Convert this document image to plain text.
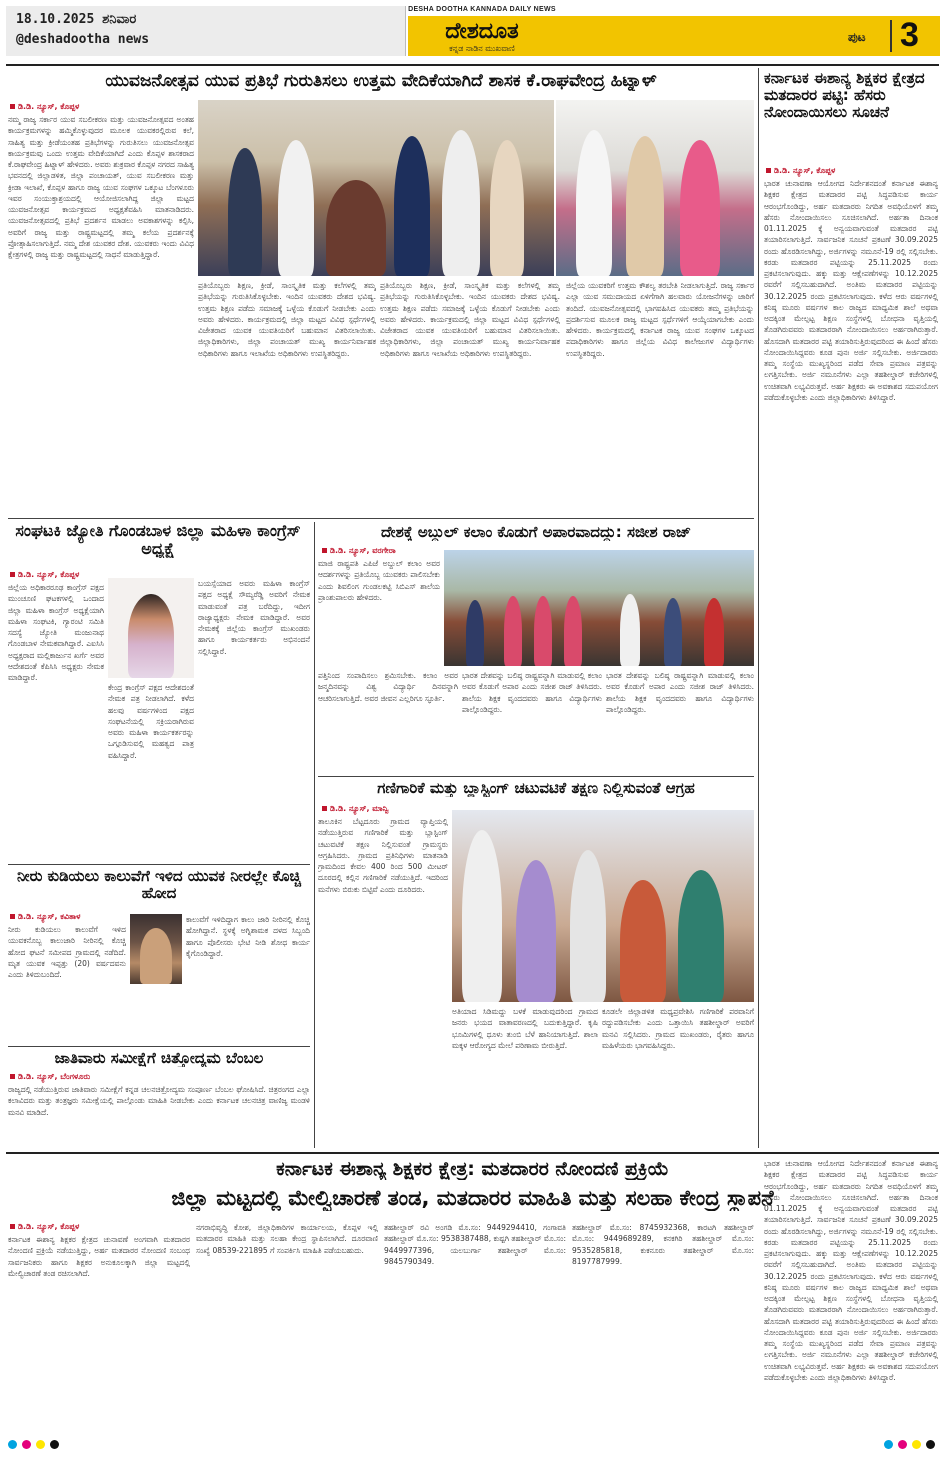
18.10.2025 ಶನಿವಾರ
@deshadootha news
DESHA DOOTHA KANNADA DAILY NEWS
ದೇಶದೂತ
ಕನ್ನಡ ನಾಡಿನ ಮುಖವಾಣಿ
ಪುಟ 3
ಕರ್ನಾಟಕ ಈಶಾನ್ಯ ಶಿಕ್ಷಕರ ಕ್ಷೇತ್ರದ ಮತದಾರರ ಪಟ್ಟಿ: ಹೆಸರು ನೋಂದಾಯಿಸಲು ಸೂಚನೆ
ಡಿ.ಡಿ. ನ್ಯೂಸ್, ಕೊಪ್ಪಳ

ಭಾರತ ಚುನಾವಣಾ ಆಯೋಗದ ನಿರ್ದೇಶನದಂತೆ ಕರ್ನಾಟಕ ಈಶಾನ್ಯ ಶಿಕ್ಷಕರ ಕ್ಷೇತ್ರದ ಮತದಾರರ ಪಟ್ಟಿ ಸಿದ್ಧಪಡಿಸುವ ಕಾರ್ಯ ಆರಂಭಗೊಂಡಿದ್ದು, ಅರ್ಹ ಮತದಾರರು ನಿಗದಿತ ಅವಧಿಯೊಳಗೆ ತಮ್ಮ ಹೆಸರು ನೋಂದಾಯಿಸಲು ಸೂಚಿಸಲಾಗಿದೆ. ಅರ್ಹತಾ ದಿನಾಂಕ 01.11.2025 ಕ್ಕೆ ಅನ್ವಯವಾಗುವಂತೆ ಮತದಾರರ ಪಟ್ಟಿ ತಯಾರಿಸಲಾಗುತ್ತಿದೆ. ಸಾರ್ವಜನಿಕ ಸೂಚನೆ ಪ್ರಕಟಣೆ 30.09.2025 ರಂದು ಹೊರಡಿಸಲಾಗಿದ್ದು, ಅರ್ಜಿಗಳನ್ನು ನಮೂನೆ-19 ರಲ್ಲಿ ಸಲ್ಲಿಸಬೇಕು. ಕರಡು ಮತದಾರರ ಪಟ್ಟಿಯನ್ನು 25.11.2025 ರಂದು ಪ್ರಕಟಿಸಲಾಗುವುದು. ಹಕ್ಕು ಮತ್ತು ಆಕ್ಷೇಪಣೆಗಳನ್ನು 10.12.2025 ರವರೆಗೆ ಸಲ್ಲಿಸಬಹುದಾಗಿದೆ. ಅಂತಿಮ ಮತದಾರರ ಪಟ್ಟಿಯನ್ನು 30.12.2025 ರಂದು ಪ್ರಕಟಿಸಲಾಗುವುದು. ಕಳೆದ ಆರು ವರ್ಷಗಳಲ್ಲಿ ಕನಿಷ್ಠ ಮೂರು ವರ್ಷಗಳ ಕಾಲ ರಾಜ್ಯದ ಮಾಧ್ಯಮಿಕ ಶಾಲೆ ಅಥವಾ ಅದಕ್ಕಿಂತ ಮೇಲ್ಪಟ್ಟ ಶಿಕ್ಷಣ ಸಂಸ್ಥೆಗಳಲ್ಲಿ ಬೋಧನಾ ವೃತ್ತಿಯಲ್ಲಿ ತೊಡಗಿರುವವರು ಮತದಾರರಾಗಿ ನೋಂದಾಯಿಸಲು ಅರ್ಹರಾಗಿರುತ್ತಾರೆ. ಹೊಸದಾಗಿ ಮತದಾರರ ಪಟ್ಟಿ ತಯಾರಿಸುತ್ತಿರುವುದರಿಂದ ಈ ಹಿಂದೆ ಹೆಸರು ನೋಂದಾಯಿಸಿದ್ದವರು ಕೂಡ ಪುನಃ ಅರ್ಜಿ ಸಲ್ಲಿಸಬೇಕು. ಅರ್ಜಿದಾರರು ತಮ್ಮ ಸಂಸ್ಥೆಯ ಮುಖ್ಯಸ್ಥರಿಂದ ಪಡೆದ ಸೇವಾ ಪ್ರಮಾಣ ಪತ್ರವನ್ನು ಲಗತ್ತಿಸಬೇಕು. ಅರ್ಜಿ ನಮೂನೆಗಳು ಎಲ್ಲಾ ತಹಶೀಲ್ದಾರ್ ಕಚೇರಿಗಳಲ್ಲಿ ಉಚಿತವಾಗಿ ಲಭ್ಯವಿರುತ್ತವೆ. ಅರ್ಹ ಶಿಕ್ಷಕರು ಈ ಅವಕಾಶದ ಸದುಪಯೋಗ ಪಡೆದುಕೊಳ್ಳಬೇಕು ಎಂದು ಜಿಲ್ಲಾಧಿಕಾರಿಗಳು ತಿಳಿಸಿದ್ದಾರೆ.

ಯುವಜನೋತ್ಸವ ಯುವ ಪ್ರತಿಭೆ ಗುರುತಿಸಲು ಉತ್ತಮ ವೇದಿಕೆಯಾಗಿದೆ ಶಾಸಕ ಕೆ.ರಾಘವೇಂದ್ರ ಹಿಟ್ನಾಳ್
ಡಿ.ಡಿ. ನ್ಯೂಸ್, ಕೊಪ್ಪಳ

ನಮ್ಮ ರಾಜ್ಯ ಸರ್ಕಾರ ಯುವ ಸಬಲೀಕರಣ ಮತ್ತು ಯುವಜನೋತ್ಸವದ ಅಂತಹ ಕಾರ್ಯಕ್ರಮಗಳನ್ನು ಹಮ್ಮಿಕೊಳ್ಳುವುದರ ಮೂಲಕ ಯುವಕರಲ್ಲಿರುವ ಕಲೆ, ಸಾಹಿತ್ಯ ಮತ್ತು ಕ್ರೀಡೆಯಂತಹ ಪ್ರತಿಭೆಗಳನ್ನು ಗುರುತಿಸಲು ಯುವಜನೋತ್ಸವ ಕಾರ್ಯಕ್ರಮವು ಒಂದು ಉತ್ತಮ ವೇದಿಕೆಯಾಗಿದೆ ಎಂದು ಕೊಪ್ಪಳ ಶಾಸಕರಾದ ಕೆ.ರಾಘವೇಂದ್ರ ಹಿಟ್ನಾಳ್ ಹೇಳಿದರು. ಅವರು ಶುಕ್ರವಾರ ಕೊಪ್ಪಳ ನಗರದ ಸಾಹಿತ್ಯ ಭವನದಲ್ಲಿ ಜಿಲ್ಲಾಡಳಿತ, ಜಿಲ್ಲಾ ಪಂಚಾಯತ್, ಯುವ ಸಬಲೀಕರಣ ಮತ್ತು ಕ್ರೀಡಾ ಇಲಾಖೆ, ಕೊಪ್ಪಳ ಹಾಗೂ ರಾಜ್ಯ ಯುವ ಸಂಘಗಳ ಒಕ್ಕೂಟ ಬೆಂಗಳೂರು ಇವರ ಸಂಯುಕ್ತಾಶ್ರಯದಲ್ಲಿ ಆಯೋಜಿಸಲಾಗಿದ್ದ ಜಿಲ್ಲಾ ಮಟ್ಟದ ಯುವಜನೋತ್ಸವ ಕಾರ್ಯಕ್ರಮದ ಅಧ್ಯಕ್ಷತೆವಹಿಸಿ ಮಾತನಾಡಿದರು. ಯುವಜನೋತ್ಸವದಲ್ಲಿ ಪ್ರತಿಭೆ ಪ್ರದರ್ಶನ ಮಾಡಲು ಅವಕಾಶಗಳನ್ನು ಕಲ್ಪಿಸಿ, ಅವರಿಗೆ ರಾಜ್ಯ ಮತ್ತು ರಾಷ್ಟ್ರಮಟ್ಟದಲ್ಲಿ ತಮ್ಮ ಕಲೆಯ ಪ್ರದರ್ಶನಕ್ಕೆ ಪ್ರೋತ್ಸಾಹಿಸಲಾಗುತ್ತಿದೆ. ನಮ್ಮ ದೇಶ ಯುವಕರ ದೇಶ. ಯುವಕರು ಇಂದು ವಿವಿಧ ಕ್ಷೇತ್ರಗಳಲ್ಲಿ ರಾಜ್ಯ ಮತ್ತು ರಾಷ್ಟ್ರಮಟ್ಟದಲ್ಲಿ ಸಾಧನೆ ಮಾಡುತ್ತಿದ್ದಾರೆ.

ಪ್ರತಿಯೊಬ್ಬರು ಶಿಕ್ಷಣ, ಕ್ರೀಡೆ, ಸಾಂಸ್ಕೃತಿಕ ಮತ್ತು ಕಲೆಗಳಲ್ಲಿ ತಮ್ಮ ಪ್ರತಿಭೆಯನ್ನು ಗುರುತಿಸಿಕೊಳ್ಳಬೇಕು. ಇಂದಿನ ಯುವಕರು ದೇಶದ ಭವಿಷ್ಯ. ಉತ್ತಮ ಶಿಕ್ಷಣ ಪಡೆದು ಸಮಾಜಕ್ಕೆ ಒಳ್ಳೆಯ ಕೊಡುಗೆ ನೀಡಬೇಕು ಎಂದು ಅವರು ಹೇಳಿದರು. ಕಾರ್ಯಕ್ರಮದಲ್ಲಿ ಜಿಲ್ಲಾ ಮಟ್ಟದ ವಿವಿಧ ಸ್ಪರ್ಧೆಗಳಲ್ಲಿ ವಿಜೇತರಾದ ಯುವಕ ಯುವತಿಯರಿಗೆ ಬಹುಮಾನ ವಿತರಿಸಲಾಯಿತು. ಜಿಲ್ಲಾಧಿಕಾರಿಗಳು, ಜಿಲ್ಲಾ ಪಂಚಾಯತ್ ಮುಖ್ಯ ಕಾರ್ಯನಿರ್ವಾಹಕ ಅಧಿಕಾರಿಗಳು ಹಾಗೂ ಇಲಾಖೆಯ ಅಧಿಕಾರಿಗಳು ಉಪಸ್ಥಿತರಿದ್ದರು.

ಪ್ರತಿಯೊಬ್ಬರು ಶಿಕ್ಷಣ, ಕ್ರೀಡೆ, ಸಾಂಸ್ಕೃತಿಕ ಮತ್ತು ಕಲೆಗಳಲ್ಲಿ ತಮ್ಮ ಪ್ರತಿಭೆಯನ್ನು ಗುರುತಿಸಿಕೊಳ್ಳಬೇಕು. ಇಂದಿನ ಯುವಕರು ದೇಶದ ಭವಿಷ್ಯ. ಉತ್ತಮ ಶಿಕ್ಷಣ ಪಡೆದು ಸಮಾಜಕ್ಕೆ ಒಳ್ಳೆಯ ಕೊಡುಗೆ ನೀಡಬೇಕು ಎಂದು ಅವರು ಹೇಳಿದರು. ಕಾರ್ಯಕ್ರಮದಲ್ಲಿ ಜಿಲ್ಲಾ ಮಟ್ಟದ ವಿವಿಧ ಸ್ಪರ್ಧೆಗಳಲ್ಲಿ ವಿಜೇತರಾದ ಯುವಕ ಯುವತಿಯರಿಗೆ ಬಹುಮಾನ ವಿತರಿಸಲಾಯಿತು. ಜಿಲ್ಲಾಧಿಕಾರಿಗಳು, ಜಿಲ್ಲಾ ಪಂಚಾಯತ್ ಮುಖ್ಯ ಕಾರ್ಯನಿರ್ವಾಹಕ ಅಧಿಕಾರಿಗಳು ಹಾಗೂ ಇಲಾಖೆಯ ಅಧಿಕಾರಿಗಳು ಉಪಸ್ಥಿತರಿದ್ದರು.

ಜಿಲ್ಲೆಯ ಯುವಕರಿಗೆ ಉತ್ತಮ ಕೌಶಲ್ಯ ತರಬೇತಿ ನೀಡಲಾಗುತ್ತಿದೆ. ರಾಜ್ಯ ಸರ್ಕಾರ ಎಲ್ಲಾ ಯುವ ಸಮುದಾಯದ ಏಳಿಗೆಗಾಗಿ ಹಲವಾರು ಯೋಜನೆಗಳನ್ನು ಜಾರಿಗೆ ತಂದಿದೆ. ಯುವಜನೋತ್ಸವದಲ್ಲಿ ಭಾಗವಹಿಸಿದ ಯುವಕರು ತಮ್ಮ ಪ್ರತಿಭೆಯನ್ನು ಪ್ರದರ್ಶಿಸುವ ಮೂಲಕ ರಾಜ್ಯ ಮಟ್ಟದ ಸ್ಪರ್ಧೆಗಳಿಗೆ ಆಯ್ಕೆಯಾಗಬೇಕು ಎಂದು ಹೇಳಿದರು. ಕಾರ್ಯಕ್ರಮದಲ್ಲಿ ಕರ್ನಾಟಕ ರಾಜ್ಯ ಯುವ ಸಂಘಗಳ ಒಕ್ಕೂಟದ ಪದಾಧಿಕಾರಿಗಳು ಹಾಗೂ ಜಿಲ್ಲೆಯ ವಿವಿಧ ಕಾಲೇಜುಗಳ ವಿದ್ಯಾರ್ಥಿಗಳು ಉಪಸ್ಥಿತರಿದ್ದರು.

ಸಂಘಟಕಿ ಜ್ಯೋತಿ ಗೊಂಡಬಾಳ ಜಿಲ್ಲಾ ಮಹಿಳಾ ಕಾಂಗ್ರೆಸ್ ಅಧ್ಯಕ್ಷೆ
ಡಿ.ಡಿ. ನ್ಯೂಸ್, ಕೊಪ್ಪಳ

ಜಿಲ್ಲೆಯ ಅಧಿಕಾರರೂಢ ಕಾಂಗ್ರೆಸ್ ಪಕ್ಷದ ಮುಂಚೂಣಿ ಘಟಕಗಳಲ್ಲಿ ಒಂದಾದ ಜಿಲ್ಲಾ ಮಹಿಳಾ ಕಾಂಗ್ರೆಸ್ ಅಧ್ಯಕ್ಷೆಯಾಗಿ ಮಹಿಳಾ ಸಂಘಟಕಿ, ಗ್ಯಾರಂಟಿ ಸಮಿತಿ ಸದಸ್ಯೆ ಜ್ಯೋತಿ ಮಂಜುನಾಥ ಗೊಂಡಬಾಳ ನೇಮಕವಾಗಿದ್ದಾರೆ. ಎಐಸಿಸಿ ಅಧ್ಯಕ್ಷರಾದ ಮಲ್ಲಿಕಾರ್ಜುನ ಖರ್ಗೆ ಅವರ ಆದೇಶದಂತೆ ಕೆಪಿಸಿಸಿ ಅಧ್ಯಕ್ಷರು ನೇಮಕ ಮಾಡಿದ್ದಾರೆ.

ಕೇಂದ್ರ ಕಾಂಗ್ರೆಸ್ ಪಕ್ಷದ ಆದೇಶದಂತೆ ನೇಮಕ ಪತ್ರ ನೀಡಲಾಗಿದೆ. ಕಳೆದ ಹಲವು ವರ್ಷಗಳಿಂದ ಪಕ್ಷದ ಸಂಘಟನೆಯಲ್ಲಿ ಸಕ್ರಿಯರಾಗಿರುವ ಅವರು ಮಹಿಳಾ ಕಾರ್ಯಕರ್ತರನ್ನು ಒಗ್ಗೂಡಿಸುವಲ್ಲಿ ಮಹತ್ವದ ಪಾತ್ರ ವಹಿಸಿದ್ದಾರೆ.

ಬಯಸ್ಸೆಯಾದ ಅವರು ಮಹಿಳಾ ಕಾಂಗ್ರೆಸ್ ಪಕ್ಷದ ಅಧ್ಯಕ್ಷೆ ಸೌಮ್ಯರೆಡ್ಡಿ ಅವರಿಗೆ ನೇಮಕ ಮಾಡುವಂತೆ ಪತ್ರ ಬರೆದಿದ್ದು, ಇದೀಗ ರಾಜ್ಯಾಧ್ಯಕ್ಷರು ನೇಮಕ ಮಾಡಿದ್ದಾರೆ. ಅವರ ನೇಮಕಕ್ಕೆ ಜಿಲ್ಲೆಯ ಕಾಂಗ್ರೆಸ್ ಮುಖಂಡರು ಹಾಗೂ ಕಾರ್ಯಕರ್ತರು ಅಭಿನಂದನೆ ಸಲ್ಲಿಸಿದ್ದಾರೆ.

ದೇಶಕ್ಕೆ ಅಬ್ದುಲ್ ಕಲಾಂ ಕೊಡುಗೆ ಅಪಾರವಾದದ್ದು: ಸಜೀಶ ರಾಜ್
ಡಿ.ಡಿ. ನ್ಯೂಸ್, ವರಗೇರಾ

ಮಾಜಿ ರಾಷ್ಟ್ರಪತಿ ಎಪಿಜೆ ಅಬ್ದುಲ್ ಕಲಾಂ ಅವರ ಆದರ್ಶಗಳನ್ನು ಪ್ರತಿಯೊಬ್ಬ ಯುವಕರು ಪಾಲಿಸಬೇಕು ಎಂದು ಶಿವಲಿಂಗ ಗುಂಡಲಕಟ್ಟಿ ಸಿಬಿಎಸ್ ಶಾಲೆಯ ಪ್ರಾಂಶುಪಾಲರು ಹೇಳಿದರು.

ಪತ್ತಿನಿಂದ ಸಂಪಾದಿಸಲು ಶ್ರಮಿಸಬೇಕು. ಕಲಾಂ ಅವರ ಜನ್ಮದಿನವನ್ನು ವಿಶ್ವ ವಿದ್ಯಾರ್ಥಿ ದಿನವನ್ನಾಗಿ ಆಚರಿಸಲಾಗುತ್ತಿದೆ. ಅವರ ಜೀವನ ಎಲ್ಲರಿಗೂ ಸ್ಫೂರ್ತಿ.

ಭಾರತ ದೇಶವನ್ನು ಬಲಿಷ್ಠ ರಾಷ್ಟ್ರವನ್ನಾಗಿ ಮಾಡುವಲ್ಲಿ ಕಲಾಂ ಅವರ ಕೊಡುಗೆ ಅಪಾರ ಎಂದು ಸಜೀಶ ರಾಜ್ ತಿಳಿಸಿದರು. ಶಾಲೆಯ ಶಿಕ್ಷಕ ವೃಂದದವರು ಹಾಗೂ ವಿದ್ಯಾರ್ಥಿಗಳು ಪಾಲ್ಗೊಂಡಿದ್ದರು.

ಭಾರತ ದೇಶವನ್ನು ಬಲಿಷ್ಠ ರಾಷ್ಟ್ರವನ್ನಾಗಿ ಮಾಡುವಲ್ಲಿ ಕಲಾಂ ಅವರ ಕೊಡುಗೆ ಅಪಾರ ಎಂದು ಸಜೀಶ ರಾಜ್ ತಿಳಿಸಿದರು. ಶಾಲೆಯ ಶಿಕ್ಷಕ ವೃಂದದವರು ಹಾಗೂ ವಿದ್ಯಾರ್ಥಿಗಳು ಪಾಲ್ಗೊಂಡಿದ್ದರು.

ಗಣಿಗಾರಿಕೆ ಮತ್ತು ಬ್ಲಾಸ್ಟಿಂಗ್ ಚಟುವಟಿಕೆ ತಕ್ಷಣ ನಿಲ್ಲಿಸುವಂತೆ ಆಗ್ರಹ
ಡಿ.ಡಿ. ನ್ಯೂಸ್, ಮಾನ್ವಿ

ತಾಲೂಕಿನ ಬೆಟ್ಟದೂರು ಗ್ರಾಮದ ವ್ಯಾಪ್ತಿಯಲ್ಲಿ ನಡೆಯುತ್ತಿರುವ ಗಣಿಗಾರಿಕೆ ಮತ್ತು ಬ್ಲಾಸ್ಟಿಂಗ್ ಚಟುವಟಿಕೆ ತಕ್ಷಣ ನಿಲ್ಲಿಸುವಂತೆ ಗ್ರಾಮಸ್ಥರು ಆಗ್ರಹಿಸಿದರು. ಗ್ರಾಮದ ಪ್ರತಿನಿಧಿಗಳು ಮಾತನಾಡಿ ಗ್ರಾಮದಿಂದ ಕೇವಲ 400 ರಿಂದ 500 ಮೀಟರ್ ದೂರದಲ್ಲಿ ಕಲ್ಲಿನ ಗಣಿಗಾರಿಕೆ ನಡೆಯುತ್ತಿದೆ. ಇದರಿಂದ ಮನೆಗಳು ಬಿರುಕು ಬಿಟ್ಟಿವೆ ಎಂದು ದೂರಿದರು.

ಅತಿಯಾದ ಸಿಡಿಮದ್ದು ಬಳಕೆ ಮಾಡುವುದರಿಂದ ಗ್ರಾಮದ ಜನರು ಭಯದ ವಾತಾವರಣದಲ್ಲಿ ಬದುಕುತ್ತಿದ್ದಾರೆ. ಕೃಷಿ ಭೂಮಿಗಳಲ್ಲಿ ಧೂಳು ತುಂಬಿ ಬೆಳೆ ಹಾನಿಯಾಗುತ್ತಿದೆ. ಶಾಲಾ ಮಕ್ಕಳ ಆರೋಗ್ಯದ ಮೇಲೆ ಪರಿಣಾಮ ಬೀರುತ್ತಿದೆ.

ಕೂಡಲೇ ಜಿಲ್ಲಾಡಳಿತ ಮಧ್ಯಪ್ರವೇಶಿಸಿ ಗಣಿಗಾರಿಕೆ ಪರವಾನಿಗೆ ರದ್ದುಪಡಿಸಬೇಕು ಎಂದು ಒತ್ತಾಯಿಸಿ ತಹಶೀಲ್ದಾರ್ ಅವರಿಗೆ ಮನವಿ ಸಲ್ಲಿಸಿದರು. ಗ್ರಾಮದ ಮುಖಂಡರು, ರೈತರು ಹಾಗೂ ಮಹಿಳೆಯರು ಭಾಗವಹಿಸಿದ್ದರು.

ನೀರು ಕುಡಿಯಲು ಕಾಲುವೆಗೆ ಇಳಿದ ಯುವಕ ನೀರಲ್ಲೇ ಕೊಚ್ಚಿ ಹೋದ
ಡಿ.ಡಿ. ನ್ಯೂಸ್, ಕವಿತಾಳ

ನೀರು ಕುಡಿಯಲು ಕಾಲುವೆಗೆ ಇಳಿದ ಯುವಕನೊಬ್ಬ ಕಾಲುಜಾರಿ ನೀರಿನಲ್ಲಿ ಕೊಚ್ಚಿ ಹೋದ ಘಟನೆ ಸಮೀಪದ ಗ್ರಾಮದಲ್ಲಿ ನಡೆದಿದೆ. ಮೃತ ಯುವಕ ಇಪ್ಪತ್ತು (20) ವರ್ಷದವನು ಎಂದು ತಿಳಿದುಬಂದಿದೆ.

ಕಾಲುವೆಗೆ ಇಳಿದಿದ್ದಾಗ ಕಾಲು ಜಾರಿ ನೀರಿನಲ್ಲಿ ಕೊಚ್ಚಿ ಹೋಗಿದ್ದಾನೆ. ಸ್ಥಳಕ್ಕೆ ಅಗ್ನಿಶಾಮಕ ದಳದ ಸಿಬ್ಬಂದಿ ಹಾಗೂ ಪೊಲೀಸರು ಭೇಟಿ ನೀಡಿ ಶೋಧ ಕಾರ್ಯ ಕೈಗೊಂಡಿದ್ದಾರೆ.

ಜಾತಿವಾರು ಸಮೀಕ್ಷೆಗೆ ಚಿತ್ತೋದ್ಯಮ ಬೆಂಬಲ
ಡಿ.ಡಿ. ನ್ಯೂಸ್, ಬೆಂಗಳೂರು

ರಾಜ್ಯದಲ್ಲಿ ನಡೆಯುತ್ತಿರುವ ಜಾತಿವಾರು ಸಮೀಕ್ಷೆಗೆ ಕನ್ನಡ ಚಲನಚಿತ್ರೋದ್ಯಮ ಸಂಪೂರ್ಣ ಬೆಂಬಲ ಘೋಷಿಸಿದೆ. ಚಿತ್ರರಂಗದ ಎಲ್ಲಾ ಕಲಾವಿದರು ಮತ್ತು ತಂತ್ರಜ್ಞರು ಸಮೀಕ್ಷೆಯಲ್ಲಿ ಪಾಲ್ಗೊಂಡು ಮಾಹಿತಿ ನೀಡಬೇಕು ಎಂದು ಕರ್ನಾಟಕ ಚಲನಚಿತ್ರ ವಾಣಿಜ್ಯ ಮಂಡಳಿ ಮನವಿ ಮಾಡಿದೆ.

ಕರ್ನಾಟಕ ಈಶಾನ್ಯ ಶಿಕ್ಷಕರ ಕ್ಷೇತ್ರ: ಮತದಾರರ ನೋಂದಣಿ ಪ್ರಕ್ರಿಯೆ
ಜಿಲ್ಲಾ ಮಟ್ಟದಲ್ಲಿ ಮೇಲ್ವಿಚಾರಣೆ ತಂಡ, ಮತದಾರರ ಮಾಹಿತಿ ಮತ್ತು ಸಲಹಾ ಕೇಂದ್ರ ಸ್ಥಾಪನೆ
ಡಿ.ಡಿ. ನ್ಯೂಸ್, ಕೊಪ್ಪಳ

ಕರ್ನಾಟಕ ಈಶಾನ್ಯ ಶಿಕ್ಷಕರ ಕ್ಷೇತ್ರದ ಚುನಾವಣೆ ಅಂಗವಾಗಿ ಮತದಾರರ ನೋಂದಣಿ ಪ್ರಕ್ರಿಯೆ ನಡೆಯುತ್ತಿದ್ದು, ಅರ್ಹ ಮತದಾರರ ನೋಂದಣಿ ಸಂಬಂಧ ಸಾರ್ವಜನಿಕರು ಹಾಗೂ ಶಿಕ್ಷಕರ ಅನುಕೂಲಕ್ಕಾಗಿ ಜಿಲ್ಲಾ ಮಟ್ಟದಲ್ಲಿ ಮೇಲ್ವಿಚಾರಣೆ ತಂಡ ರಚಿಸಲಾಗಿದೆ.

ನಗರಾಭಿವೃದ್ಧಿ ಕೋಶ, ಜಿಲ್ಲಾಧಿಕಾರಿಗಳ ಕಾರ್ಯಾಲಯ, ಕೊಪ್ಪಳ ಇಲ್ಲಿ ಮತದಾರರ ಮಾಹಿತಿ ಮತ್ತು ಸಲಹಾ ಕೇಂದ್ರ ಸ್ಥಾಪಿಸಲಾಗಿದೆ. ದೂರವಾಣಿ ಸಂಖ್ಯೆ 08539-221895 ಗೆ ಸಂಪರ್ಕಿಸಿ ಮಾಹಿತಿ ಪಡೆಯಬಹುದು.

ತಹಶೀಲ್ದಾರ್ ರವಿ ಅಂಗಡಿ ಮೊ.ಸಂ: 9449294410, ಗಂಗಾವತಿ ತಹಶೀಲ್ದಾರ್ ಮೊ.ಸಂ: 9538387488, ಕುಷ್ಟಗಿ ತಹಶೀಲ್ದಾರ್ ಮೊ.ಸಂ: 9449977396, ಯಲಬುರ್ಗಾ ತಹಶೀಲ್ದಾರ್ ಮೊ.ಸಂ: 9845790349.

ತಹಶೀಲ್ದಾರ್ ಮೊ.ಸಂ: 8745932368, ಕಾರಟಗಿ ತಹಶೀಲ್ದಾರ್ ಮೊ.ಸಂ: 9449689289, ಕನಕಗಿರಿ ತಹಶೀಲ್ದಾರ್ ಮೊ.ಸಂ: 9535285818, ಕುಕನೂರು ತಹಶೀಲ್ದಾರ್ ಮೊ.ಸಂ: 8197787999.

ಭಾರತ ಚುನಾವಣಾ ಆಯೋಗದ ನಿರ್ದೇಶನದಂತೆ ಕರ್ನಾಟಕ ಈಶಾನ್ಯ ಶಿಕ್ಷಕರ ಕ್ಷೇತ್ರದ ಮತದಾರರ ಪಟ್ಟಿ ಸಿದ್ಧಪಡಿಸುವ ಕಾರ್ಯ ಆರಂಭಗೊಂಡಿದ್ದು, ಅರ್ಹ ಮತದಾರರು ನಿಗದಿತ ಅವಧಿಯೊಳಗೆ ತಮ್ಮ ಹೆಸರು ನೋಂದಾಯಿಸಲು ಸೂಚಿಸಲಾಗಿದೆ. ಅರ್ಹತಾ ದಿನಾಂಕ 01.11.2025 ಕ್ಕೆ ಅನ್ವಯವಾಗುವಂತೆ ಮತದಾರರ ಪಟ್ಟಿ ತಯಾರಿಸಲಾಗುತ್ತಿದೆ. ಸಾರ್ವಜನಿಕ ಸೂಚನೆ ಪ್ರಕಟಣೆ 30.09.2025 ರಂದು ಹೊರಡಿಸಲಾಗಿದ್ದು, ಅರ್ಜಿಗಳನ್ನು ನಮೂನೆ-19 ರಲ್ಲಿ ಸಲ್ಲಿಸಬೇಕು. ಕರಡು ಮತದಾರರ ಪಟ್ಟಿಯನ್ನು 25.11.2025 ರಂದು ಪ್ರಕಟಿಸಲಾಗುವುದು. ಹಕ್ಕು ಮತ್ತು ಆಕ್ಷೇಪಣೆಗಳನ್ನು 10.12.2025 ರವರೆಗೆ ಸಲ್ಲಿಸಬಹುದಾಗಿದೆ. ಅಂತಿಮ ಮತದಾರರ ಪಟ್ಟಿಯನ್ನು 30.12.2025 ರಂದು ಪ್ರಕಟಿಸಲಾಗುವುದು. ಕಳೆದ ಆರು ವರ್ಷಗಳಲ್ಲಿ ಕನಿಷ್ಠ ಮೂರು ವರ್ಷಗಳ ಕಾಲ ರಾಜ್ಯದ ಮಾಧ್ಯಮಿಕ ಶಾಲೆ ಅಥವಾ ಅದಕ್ಕಿಂತ ಮೇಲ್ಪಟ್ಟ ಶಿಕ್ಷಣ ಸಂಸ್ಥೆಗಳಲ್ಲಿ ಬೋಧನಾ ವೃತ್ತಿಯಲ್ಲಿ ತೊಡಗಿರುವವರು ಮತದಾರರಾಗಿ ನೋಂದಾಯಿಸಲು ಅರ್ಹರಾಗಿರುತ್ತಾರೆ. ಹೊಸದಾಗಿ ಮತದಾರರ ಪಟ್ಟಿ ತಯಾರಿಸುತ್ತಿರುವುದರಿಂದ ಈ ಹಿಂದೆ ಹೆಸರು ನೋಂದಾಯಿಸಿದ್ದವರು ಕೂಡ ಪುನಃ ಅರ್ಜಿ ಸಲ್ಲಿಸಬೇಕು. ಅರ್ಜಿದಾರರು ತಮ್ಮ ಸಂಸ್ಥೆಯ ಮುಖ್ಯಸ್ಥರಿಂದ ಪಡೆದ ಸೇವಾ ಪ್ರಮಾಣ ಪತ್ರವನ್ನು ಲಗತ್ತಿಸಬೇಕು. ಅರ್ಜಿ ನಮೂನೆಗಳು ಎಲ್ಲಾ ತಹಶೀಲ್ದಾರ್ ಕಚೇರಿಗಳಲ್ಲಿ ಉಚಿತವಾಗಿ ಲಭ್ಯವಿರುತ್ತವೆ. ಅರ್ಹ ಶಿಕ್ಷಕರು ಈ ಅವಕಾಶದ ಸದುಪಯೋಗ ಪಡೆದುಕೊಳ್ಳಬೇಕು ಎಂದು ಜಿಲ್ಲಾಧಿಕಾರಿಗಳು ತಿಳಿಸಿದ್ದಾರೆ.
